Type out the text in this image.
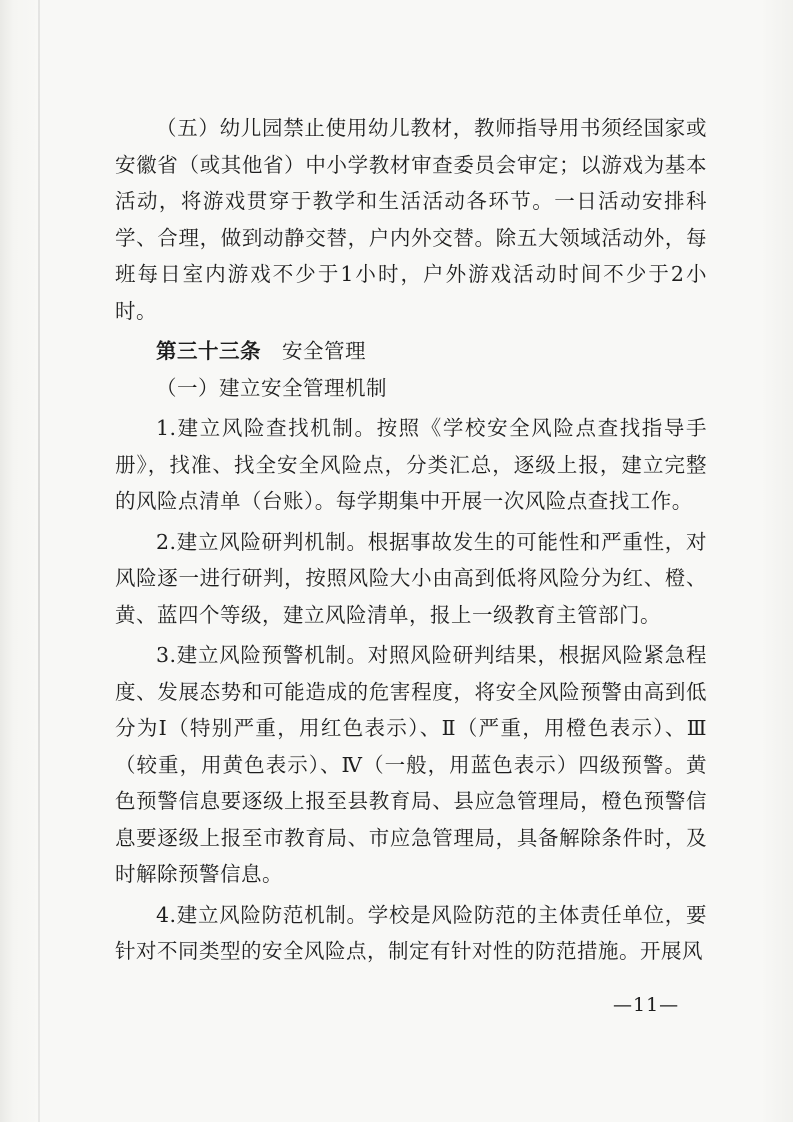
（五）幼儿园禁止使用幼儿教材，教师指导用书须经国家或安徽省（或其他省）中小学教材审查委员会审定；以游戏为基本活动，将游戏贯穿于教学和生活活动各环节。一日活动安排科学、合理，做到动静交替，户内外交替。除五大领域活动外，每班每日室内游戏不少于1小时，户外游戏活动时间不少于2小时。

第三十三条　 安全管理

（一）建立安全管理机制

1.建立风险查找机制。按照《学校安全风险点查找指导手册》，找准、找全安全风险点，分类汇总，逐级上报，建立完整的风险点清单（台账）。每学期集中开展一次风险点查找工作。

2.建立风险研判机制。根据事故发生的可能性和严重性，对风险逐一进行研判，按照风险大小由高到低将风险分为红、橙、黄、蓝四个等级，建立风险清单，报上一级教育主管部门。

3.建立风险预警机制。对照风险研判结果，根据风险紧急程度、发展态势和可能造成的危害程度，将安全风险预警由高到低分为Ⅰ（特别严重，用红色表示）、Ⅱ（严重，用橙色表示）、Ⅲ（较重，用黄色表示）、Ⅳ（一般，用蓝色表示）四级预警。黄色预警信息要逐级上报至县教育局、县应急管理局，橙色预警信息要逐级上报至市教育局、市应急管理局，具备解除条件时，及时解除预警信息。

4.建立风险防范机制。学校是风险防范的主体责任单位，要针对不同类型的安全风险点，制定有针对性的防范措施。开展风

—11—
